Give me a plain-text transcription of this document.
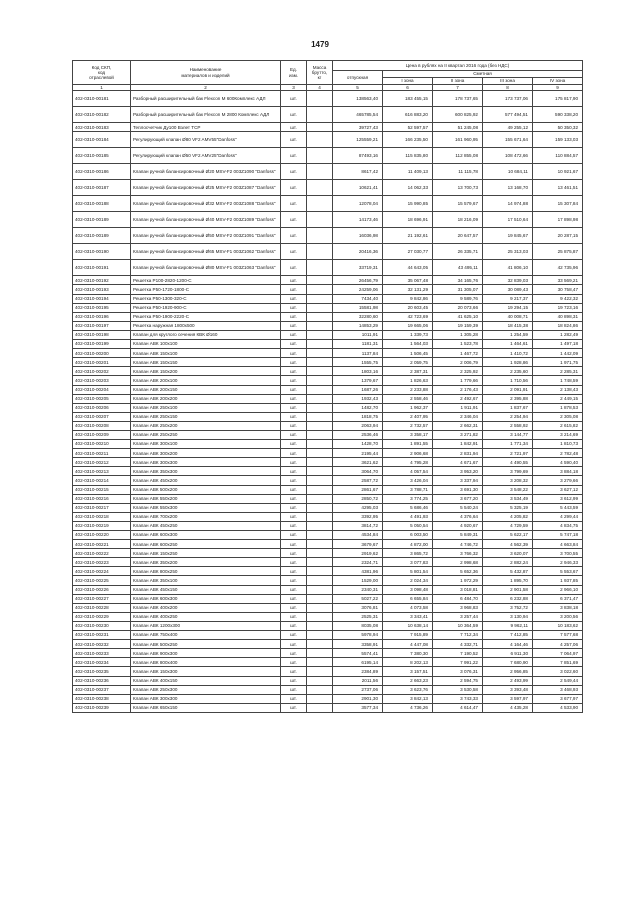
1479
Код СКП,
код
отраслевой	Наименование
материалов и изделий	Ед.
изм.	Масса
брутто,
кг	Цена в рублях на II квартал 2016 года (без НДС)				
				отпускная	Сметная			
					I зона	II зона	III зона	IV зона
1	2	3	4	5	6	7	8	9
402-0310-00181	Разборный расширительный бак Flexcon M 600Комплекс АДЛ	шт.		138563,40	183 455,15	178 737,65	173 737,06	175 817,90
402-0310-00182	Разборный расширительный бак Flexcon M 2800 Комплекс АДЛ	шт.		465785,54	616 883,20	600 825,92	577 494,51	590 338,20
402-0310-00183	Теплосчетчик Ду100 Взлет TCP	шт.		39727,43	52 597,57	51 245,08	49 255,12	50 350,32
402-0310-00184	Регулирующий клапан Ø80 VF2 AMV55"Danfoss"	шт.		125559,21	166 235,50	161 960,95	155 671,64	159 133,03
402-0310-00185	Регулирующий клапан Ø50 VF2 AMV25"Danfoss"	шт.		87493,16	115 835,80	112 855,08	108 472,66	110 884,57
402-0310-00186	Клапан ручной балансировочный Ø20 MSV-F2 003Z1090 "Danfoss"	шт.		8617,42	11 409,13	11 115,78	10 684,11	10 921,67
402-0310-00187	Клапан ручной балансировочный Ø25 MSV-F2 003Z1087 "Danfoss"	шт.		10621,41	14 062,33	13 700,73	13 168,70	13 461,51
402-0310-00188	Клапан ручной балансировочный Ø32 MSV-F2 003Z1088 "Danfoss"	шт.		12078,04	15 990,85	15 579,67	14 974,88	15 307,84
402-0310-00189	Клапан ручной балансировочный Ø40 MSV-F2 003Z1089 "Danfoss"	шт.		14173,46	18 696,91	18 216,09	17 510,64	17 898,98
402-0310-00189	Клапан ручной балансировочный Ø50 MSV-F2 003Z1091 "Danfoss"	шт.		16036,98	21 192,61	20 647,57	19 845,67	20 287,15
402-0310-00190	Клапан ручной балансировочный Ø65 MSV-F1 003Z1062 "Danfoss"	шт.		20416,36	27 030,77	26 335,71	25 313,03	25 875,87
402-0310-00191	Клапан ручной балансировочный Ø80 MSV-F1 003Z1063 "Danfoss"	шт.		33719,31	44 643,05	43 495,11	41 806,10	42 735,96
402-0310-00192	Решетка Р100-2820-1200-С	шт.		26456,79	35 067,48	34 165,76	32 839,03	33 569,21
402-0310-00193	Решетка Р50-1720-1800-С	шт.		24259,06	32 131,29	31 305,07	30 089,43	30 758,47
402-0310-00194	Решетка Р50-1300-320-С	шт.		7434,40	9 842,86	9 589,76	9 217,37	9 422,32
402-0310-00195	Решетка Р50-1920-900-С	шт.		15581,98	20 603,45	20 073,66	19 294,15	19 723,16
402-0310-00196	Решетка Р50-1900-2220-С	шт.		32280,60	42 723,69	41 625,10	40 008,71	40 898,31
402-0310-00197	Решетка наружная 1800х500	шт.		14853,29	19 665,06	19 159,39	18 415,38	18 824,86
402-0310-00198	Клапан для круглого сечения КВК Ø160	шт.		1011,91	1 339,73	1 305,28	1 254,59	1 282,49
402-0310-00199	Клапан АВК 100х100	шт.		1181,31	1 564,03	1 523,78	1 464,61	1 497,18
402-0310-00200	Клапан АВК 150х100	шт.		1137,84	1 506,45	1 467,72	1 410,72	1 442,09
402-0310-00201	Клапан АВК 150х150	шт.		1555,75	2 059,75	2 006,79	1 928,86	1 971,75
402-0310-00202	Клапан АВК 150х200	шт.		1803,16	2 387,31	2 325,92	2 235,60	2 285,31
402-0310-00203	Клапан АВК 200х100	шт.		1379,67	1 826,63	1 779,66	1 710,56	1 748,59
402-0310-00204	Клапан АВК 200х150	шт.		1687,26	2 233,88	2 176,43	2 091,91	2 138,43
402-0310-00205	Клапан АВК 200х200	шт.		1932,43	2 558,46	2 492,67	2 395,88	2 449,15
402-0310-00206	Клапан АВК 250х100	шт.		1482,70	1 962,37	1 911,91	1 837,67	1 878,53
402-0310-00207	Клапан АВК 250х150	шт.		1818,75	2 407,95	2 346,04	2 254,94	2 305,08
402-0310-00208	Клапан АВК 250х200	шт.		2063,94	2 732,57	2 662,31	2 558,92	2 615,82
402-0310-00209	Клапан АВК 250х250	шт.		2536,46	3 358,17	3 271,82	3 144,77	3 214,69
402-0310-00210	Клапан АВК 300х100	шт.		1428,70	1 891,55	1 842,91	1 771,34	1 810,73
402-0310-00211	Клапан АВК 300х200	шт.		2195,44	2 906,68	2 831,94	2 721,97	2 782,48
402-0310-00212	Клапан АВК 300х300	шт.		3621,62	4 795,28	4 671,67	4 490,55	4 590,40
402-0310-00213	Клапан АВК 350х300	шт.		3064,70	4 057,54	3 953,20	3 799,69	3 884,18
402-0310-00214	Клапан АВК 450х200	шт.		2587,72	3 426,04	3 337,94	3 208,32	3 279,66
402-0310-00215	Клапан АВК 500х200	шт.		2861,67	3 788,71	3 691,30	3 548,22	3 627,12
402-0310-00216	Клапан АВК 550х200	шт.		2850,72	3 774,25	3 677,20	3 534,49	3 612,99
402-0310-00217	Клапан АВК 550х300	шт.		4295,03	5 686,46	5 540,24	5 325,19	5 443,59
402-0310-00218	Клапан АВК 700х200	шт.		3392,95	4 491,93	4 376,64	4 205,82	4 299,44
402-0310-00219	Клапан АВК 450х250	шт.		3814,72	5 050,54	4 920,67	4 729,59	4 834,75
402-0310-00220	Клапан АВК 600х300	шт.		4534,84	6 003,50	5 849,31	5 622,17	5 747,18
402-0310-00221	Клапан АВК 600х250	шт.		3679,67	4 872,00	4 746,72	4 562,39	4 663,84
402-0310-00222	Клапан АВК 150х250	шт.		2919,62	3 865,72	3 766,32	3 620,07	3 700,55
402-0310-00223	Клапан АВК 350х200	шт.		2324,71	3 077,83	2 998,68	2 882,24	2 946,33
402-0310-00224	Клапан АВК 800х250	шт.		4381,96	5 801,54	5 652,36	5 432,87	5 553,67
402-0310-00225	Клапан АВК 350х100	шт.		1529,00	2 024,34	1 972,29	1 895,70	1 937,85
402-0310-00226	Клапан АВК 450х150	шт.		2340,31	3 098,48	3 018,81	2 901,58	2 966,10
402-0310-00227	Клапан АВК 600х300	шт.		5027,22	6 655,84	6 484,70	6 232,88	6 371,47
402-0310-00228	Клапан АВК 400х200	шт.		3076,81	4 073,58	3 968,83	3 752,72	3 838,18
402-0310-00229	Клапан АВК 400х250	шт.		2525,31	3 343,41	3 257,44	3 130,94	3 200,56
402-0310-00230	Клапан АВК 1200х300	шт.		8035,08	10 638,14	10 364,59	9 962,11	10 183,62
402-0310-00231	Клапан АВК 750х400	шт.		5978,94	7 915,89	7 712,34	7 412,85	7 577,68
402-0310-00232	Клапан АВК 500х250	шт.		3358,91	4 447,08	4 332,71	4 164,46	4 257,06
402-0310-00233	Клапан АВК 900х300	шт.		5574,41	7 380,30	7 190,52	6 911,30	7 064,97
402-0310-00234	Клапан АВК 800х400	шт.		6195,14	8 202,13	7 991,22	7 680,90	7 851,69
402-0310-00235	Клапан АВК 150х300	шт.		2384,89	3 157,51	3 076,31	2 956,85	3 022,60
402-0310-00236	Клапан АВК 400х150	шт.		2011,56	2 663,23	2 594,75	2 493,99	2 549,44
402-0310-00237	Клапан АВК 250х300	шт.		2737,06	3 623,76	3 530,58	3 393,48	3 468,93
402-0310-00238	Клапан АВК 300х300	шт.		2901,30	3 842,13	3 743,33	3 597,97	3 677,97
402-0310-00239	Клапан АВК 650х150	шт.		3577,34	4 736,26	4 614,47	4 435,28	4 533,90
